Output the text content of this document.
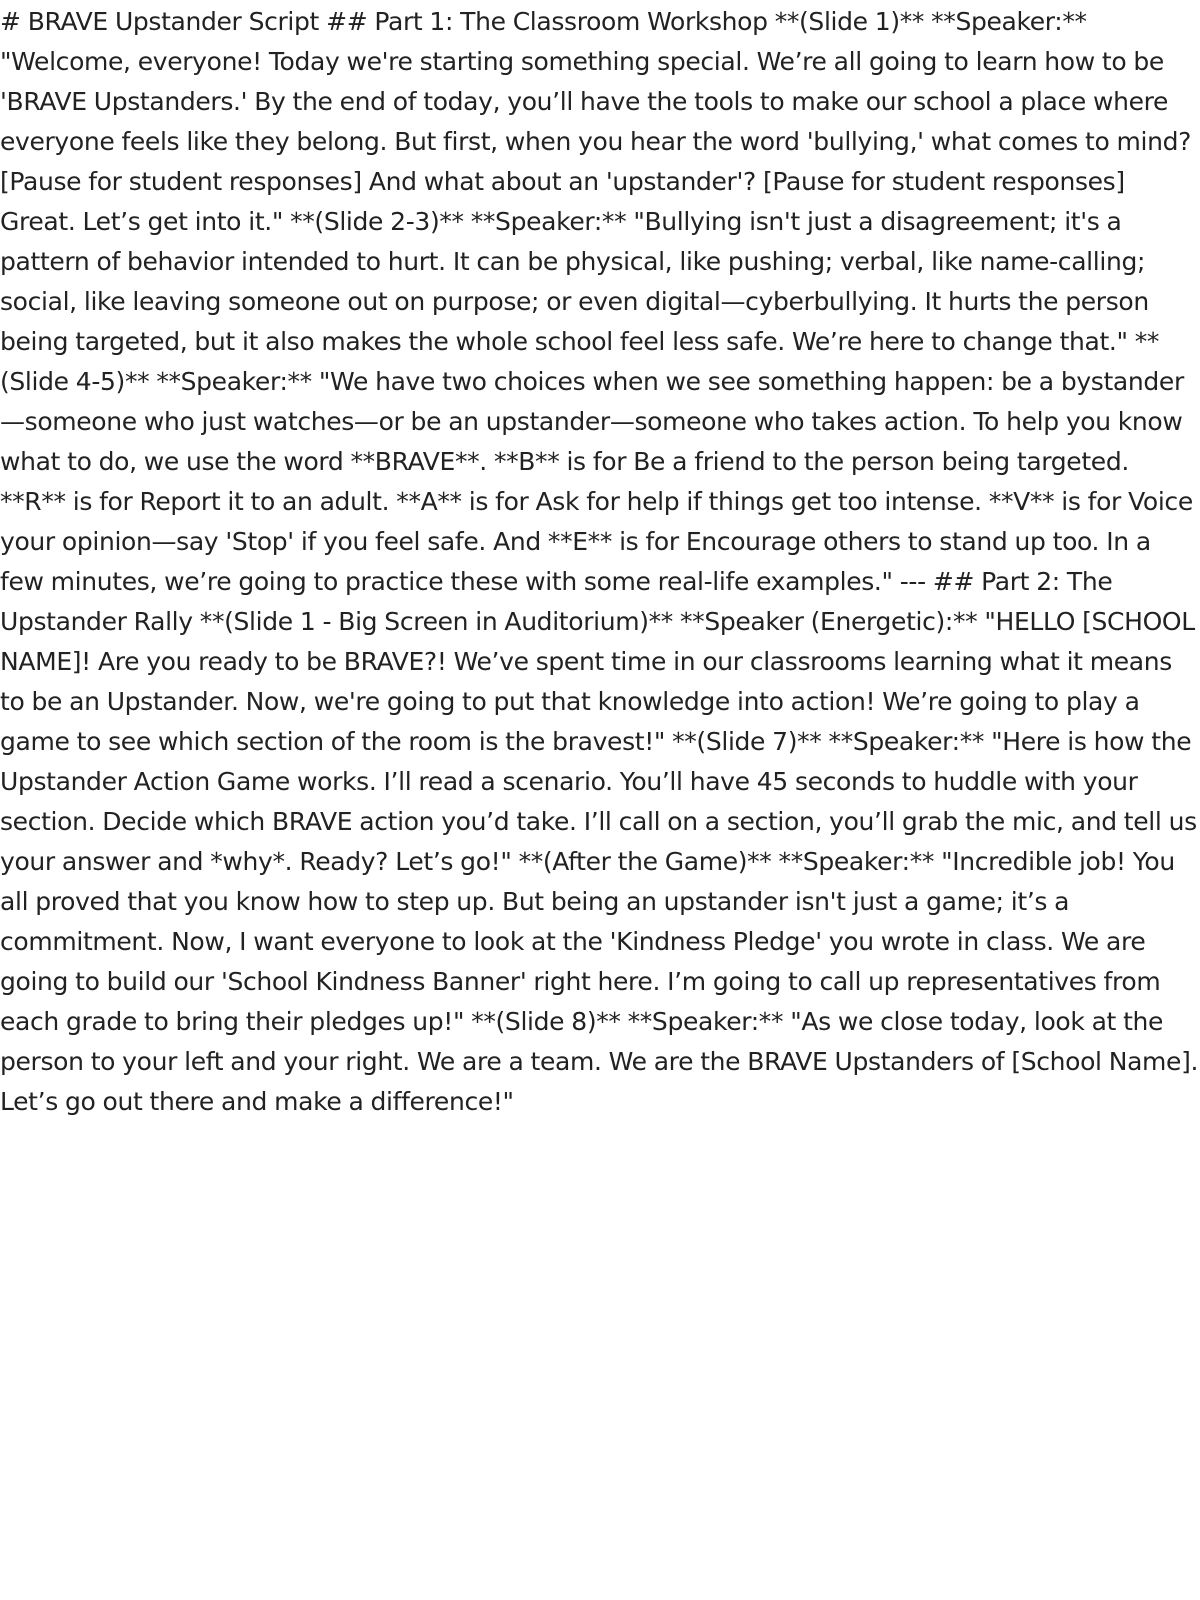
# BRAVE Upstander Script ## Part 1: The Classroom Workshop **(Slide 1)** **Speaker:** "Welcome, everyone! Today we're starting something special. We’re all going to learn how to be 'BRAVE Upstanders.' By the end of today, you’ll have the tools to make our school a place where everyone feels like they belong. But first, when you hear the word 'bullying,' what comes to mind? [Pause for student responses] And what about an 'upstander'? [Pause for student responses] Great. Let’s get into it." **(Slide 2-3)** **Speaker:** "Bullying isn't just a disagreement; it's a pattern of behavior intended to hurt. It can be physical, like pushing; verbal, like name-calling; social, like leaving someone out on purpose; or even digital—cyberbullying. It hurts the person being targeted, but it also makes the whole school feel less safe. We’re here to change that." **(Slide 4-5)** **Speaker:** "We have two choices when we see something happen: be a bystander—someone who just watches—or be an upstander—someone who takes action. To help you know what to do, we use the word **BRAVE**. **B** is for Be a friend to the person being targeted. **R** is for Report it to an adult. **A** is for Ask for help if things get too intense. **V** is for Voice your opinion—say 'Stop' if you feel safe. And **E** is for Encourage others to stand up too. In a few minutes, we’re going to practice these with some real-life examples." --- ## Part 2: The Upstander Rally **(Slide 1 - Big Screen in Auditorium)** **Speaker (Energetic):** "HELLO [SCHOOL NAME]! Are you ready to be BRAVE?! We’ve spent time in our classrooms learning what it means to be an Upstander. Now, we're going to put that knowledge into action! We’re going to play a game to see which section of the room is the bravest!" **(Slide 7)** **Speaker:** "Here is how the Upstander Action Game works. I’ll read a scenario. You’ll have 45 seconds to huddle with your section. Decide which BRAVE action you’d take. I’ll call on a section, you’ll grab the mic, and tell us your answer and *why*. Ready? Let’s go!" **(After the Game)** **Speaker:** "Incredible job! You all proved that you know how to step up. But being an upstander isn't just a game; it’s a commitment. Now, I want everyone to look at the 'Kindness Pledge' you wrote in class. We are going to build our 'School Kindness Banner' right here. I’m going to call up representatives from each grade to bring their pledges up!" **(Slide 8)** **Speaker:** "As we close today, look at the person to your left and your right. We are a team. We are the BRAVE Upstanders of [School Name]. Let’s go out there and make a difference!"
